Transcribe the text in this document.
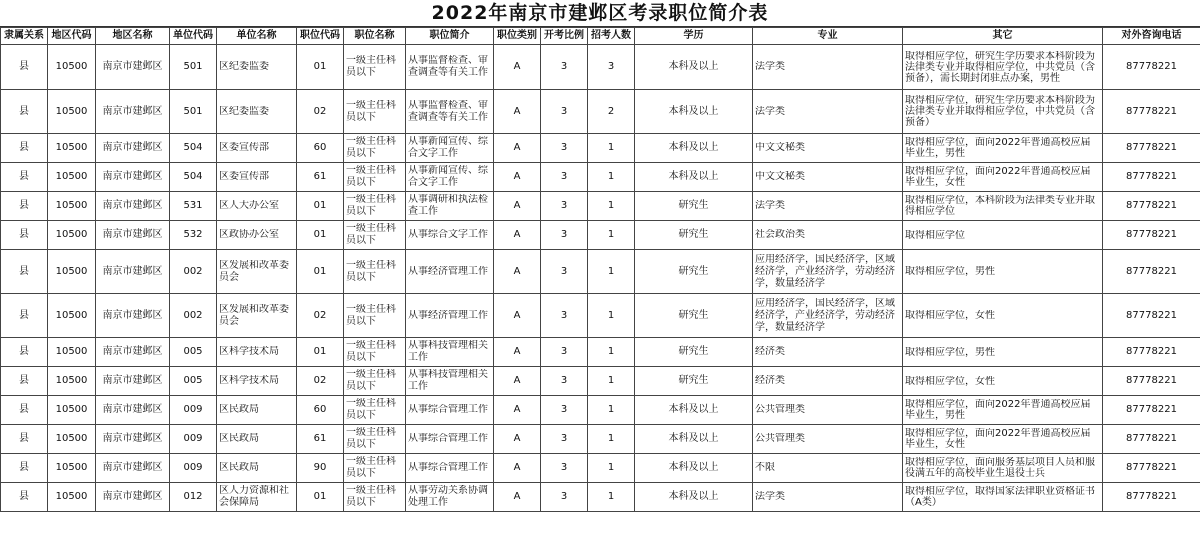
2022年南京市建邺区考录职位简介表
隶属关系	地区代码	地区名称	单位代码	单位名称	职位代码	职位名称	职位简介	职位类别	开考比例	招考人数	学历	专业	其它	对外咨询电话
县	10500	南京市建邺区	501	区纪委监委	01	一级主任科员以下	从事监督检查、审查调查等有关工作	A	3	3	本科及以上	法学类	取得相应学位，研究生学历要求本科阶段为法律类专业并取得相应学位，中共党员（含预备），需长期封闭驻点办案，男性	87778221
县	10500	南京市建邺区	501	区纪委监委	02	一级主任科员以下	从事监督检查、审查调查等有关工作	A	3	2	本科及以上	法学类	取得相应学位，研究生学历要求本科阶段为法律类专业并取得相应学位，中共党员（含预备）	87778221
县	10500	南京市建邺区	504	区委宣传部	60	一级主任科员以下	从事新闻宣传、综合文字工作	A	3	1	本科及以上	中文文秘类	取得相应学位，面向2022年普通高校应届毕业生，男性	87778221
县	10500	南京市建邺区	504	区委宣传部	61	一级主任科员以下	从事新闻宣传、综合文字工作	A	3	1	本科及以上	中文文秘类	取得相应学位，面向2022年普通高校应届毕业生，女性	87778221
县	10500	南京市建邺区	531	区人大办公室	01	一级主任科员以下	从事调研和执法检查工作	A	3	1	研究生	法学类	取得相应学位，本科阶段为法律类专业并取得相应学位	87778221
县	10500	南京市建邺区	532	区政协办公室	01	一级主任科员以下	从事综合文字工作	A	3	1	研究生	社会政治类	取得相应学位	87778221
县	10500	南京市建邺区	002	区发展和改革委员会	01	一级主任科员以下	从事经济管理工作	A	3	1	研究生	应用经济学，国民经济学，区域经济学，产业经济学，劳动经济学，数量经济学	取得相应学位，男性	87778221
县	10500	南京市建邺区	002	区发展和改革委员会	02	一级主任科员以下	从事经济管理工作	A	3	1	研究生	应用经济学，国民经济学，区域经济学，产业经济学，劳动经济学，数量经济学	取得相应学位，女性	87778221
县	10500	南京市建邺区	005	区科学技术局	01	一级主任科员以下	从事科技管理相关工作	A	3	1	研究生	经济类	取得相应学位，男性	87778221
县	10500	南京市建邺区	005	区科学技术局	02	一级主任科员以下	从事科技管理相关工作	A	3	1	研究生	经济类	取得相应学位，女性	87778221
县	10500	南京市建邺区	009	区民政局	60	一级主任科员以下	从事综合管理工作	A	3	1	本科及以上	公共管理类	取得相应学位，面向2022年普通高校应届毕业生，男性	87778221
县	10500	南京市建邺区	009	区民政局	61	一级主任科员以下	从事综合管理工作	A	3	1	本科及以上	公共管理类	取得相应学位，面向2022年普通高校应届毕业生，女性	87778221
县	10500	南京市建邺区	009	区民政局	90	一级主任科员以下	从事综合管理工作	A	3	1	本科及以上	不限	取得相应学位，面向服务基层项目人员和服役满五年的高校毕业生退役士兵	87778221
县	10500	南京市建邺区	012	区人力资源和社会保障局	01	一级主任科员以下	从事劳动关系协调处理工作	A	3	1	本科及以上	法学类	取得相应学位，取得国家法律职业资格证书（A类）	87778221
